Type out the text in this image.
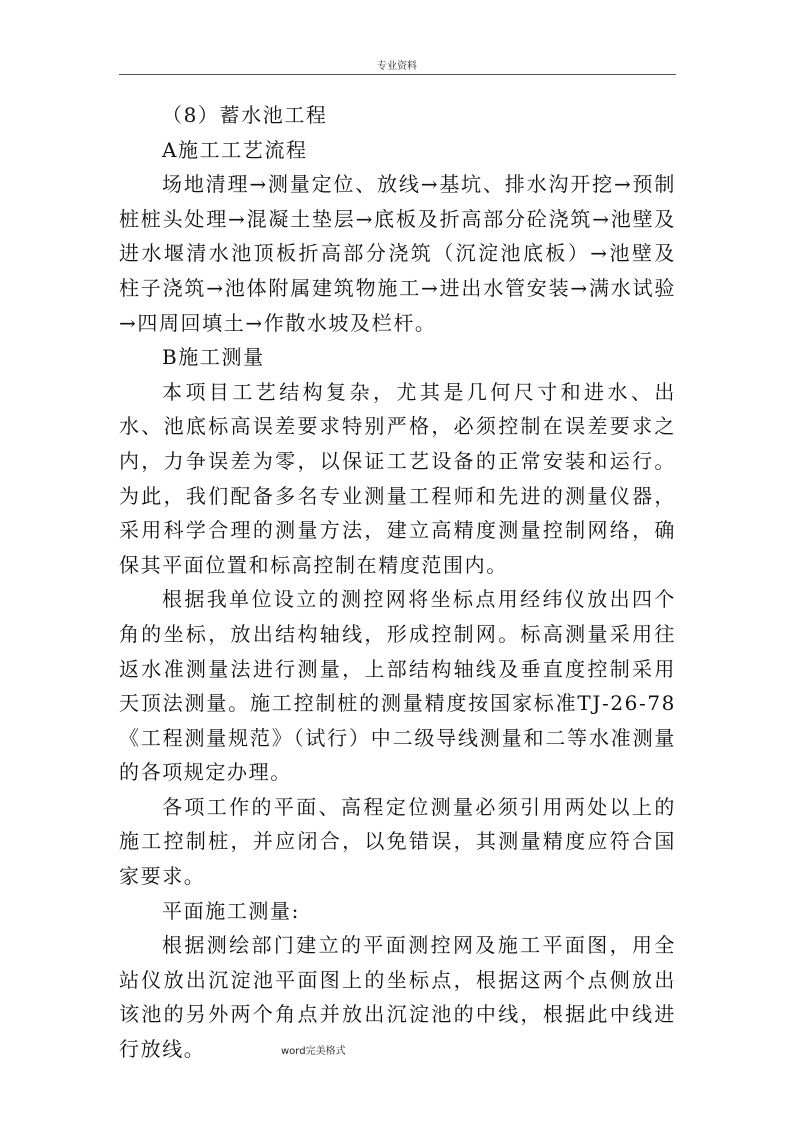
专业资料

（8）蓄水池工程

A施工工艺流程

场地清理→测量定位、放线→基坑、排水沟开挖→预制桩桩头处理→混凝土垫层→底板及折高部分砼浇筑→池壁及进水堰清水池顶板折高部分浇筑（沉淀池底板）→池壁及柱子浇筑→池体附属建筑物施工→进出水管安装→满水试验→四周回填土→作散水坡及栏杆。

B施工测量

本项目工艺结构复杂，尤其是几何尺寸和进水、出水、池底标高误差要求特别严格，必须控制在误差要求之内，力争误差为零，以保证工艺设备的正常安装和运行。为此，我们配备多名专业测量工程师和先进的测量仪器，采用科学合理的测量方法，建立高精度测量控制网络，确保其平面位置和标高控制在精度范围内。

根据我单位设立的测控网将坐标点用经纬仪放出四个角的坐标，放出结构轴线，形成控制网。标高测量采用往返水准测量法进行测量，上部结构轴线及垂直度控制采用天顶法测量。施工控制桩的测量精度按国家标准TJ-26-78《工程测量规范》（试行）中二级导线测量和二等水准测量的各项规定办理。

各项工作的平面、高程定位测量必须引用两处以上的施工控制桩，并应闭合，以免错误，其测量精度应符合国家要求。

平面施工测量:

根据测绘部门建立的平面测控网及施工平面图，用全站仪放出沉淀池平面图上的坐标点，根据这两个点侧放出该池的另外两个角点并放出沉淀池的中线，根据此中线进行放线。	word完美格式
